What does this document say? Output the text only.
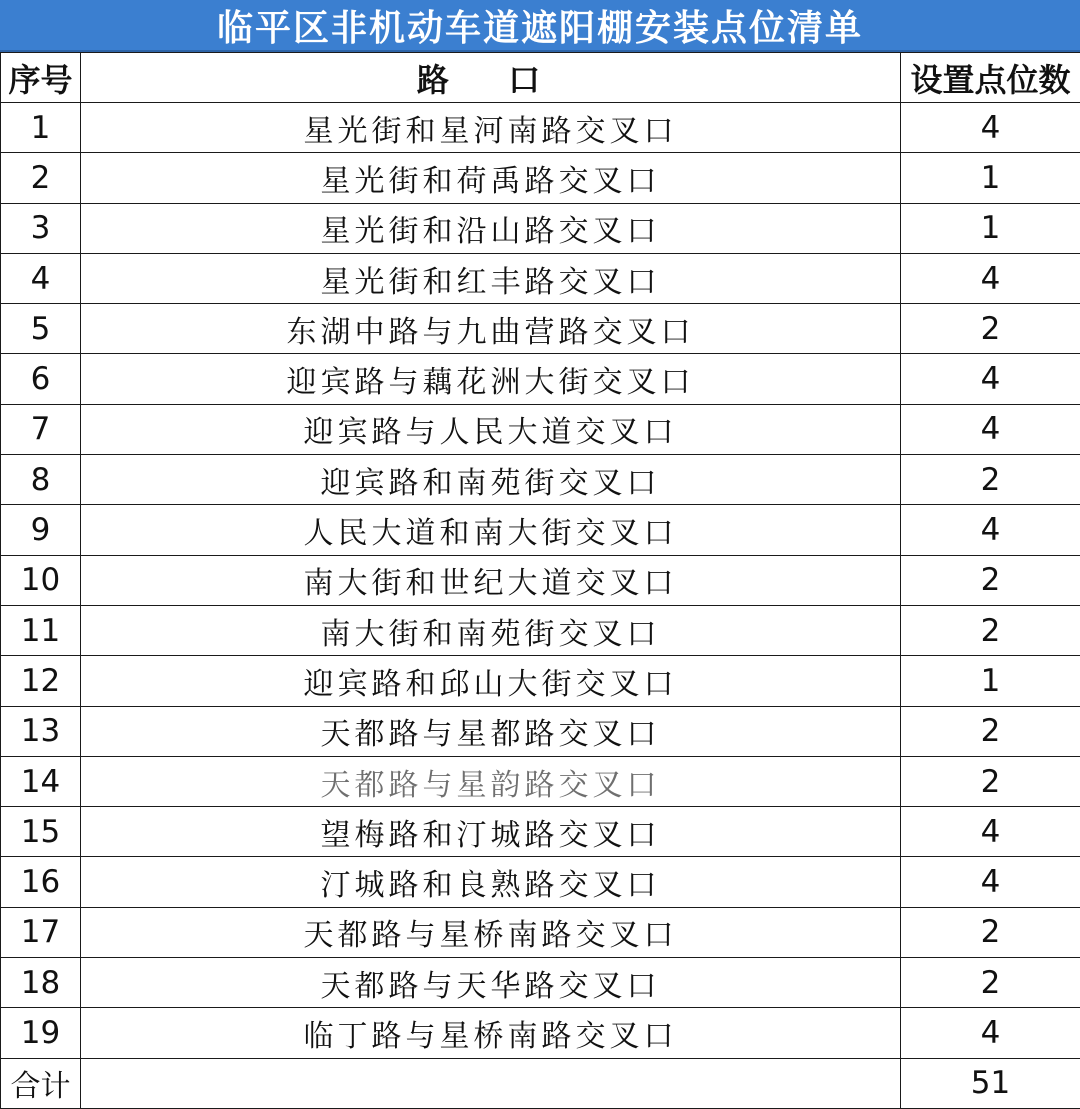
临平区非机动车道遮阳棚安装点位清单
序号	路 口	设置点位数
1	星光街和星河南路交叉口	4
2	星光街和荷禹路交叉口	1
3	星光街和沿山路交叉口	1
4	星光街和红丰路交叉口	4
5	东湖中路与九曲营路交叉口	2
6	迎宾路与藕花洲大街交叉口	4
7	迎宾路与人民大道交叉口	4
8	迎宾路和南苑街交叉口	2
9	人民大道和南大街交叉口	4
10	南大街和世纪大道交叉口	2
11	南大街和南苑街交叉口	2
12	迎宾路和邱山大街交叉口	1
13	天都路与星都路交叉口	2
14	天都路与星韵路交叉口	2
15	望梅路和汀城路交叉口	4
16	汀城路和良熟路交叉口	4
17	天都路与星桥南路交叉口	2
18	天都路与天华路交叉口	2
19	临丁路与星桥南路交叉口	4
合计		51
